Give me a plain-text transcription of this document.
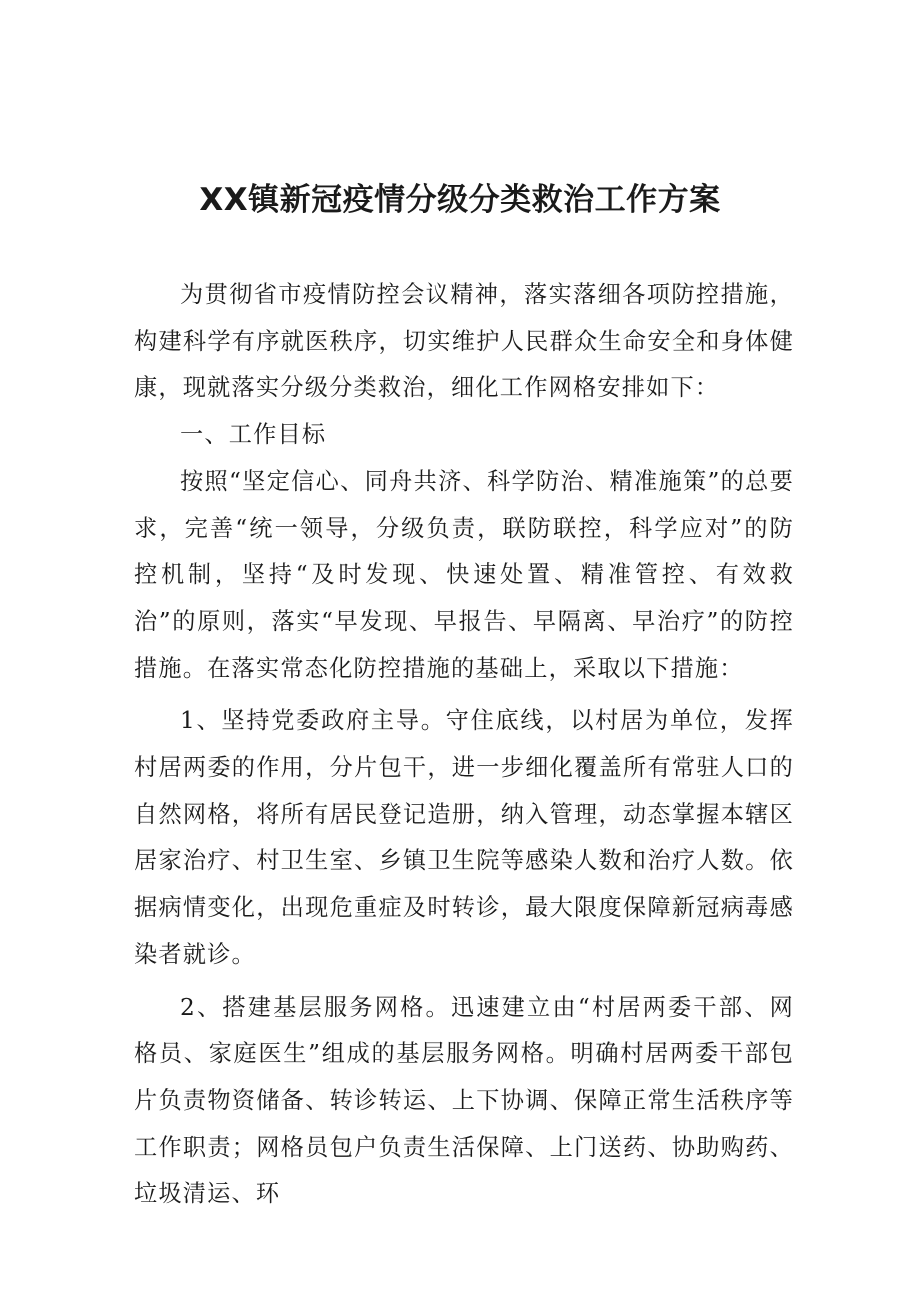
XX镇新冠疫情分级分类救治工作方案

为贯彻省市疫情防控会议精神，落实落细各项防控措施，构建科学有序就医秩序，切实维护人民群众生命安全和身体健康，现就落实分级分类救治，细化工作网格安排如下：

一、工作目标

按照“坚定信心、同舟共济、科学防治、精准施策”的总要求，完善“统一领导，分级负责，联防联控，科学应对”的防控机制，坚持“及时发现、快速处置、精准管控、有效救治”的原则，落实“早发现、早报告、早隔离、早治疗”的防控措施。在落实常态化防控措施的基础上，采取以下措施：

1、坚持党委政府主导。守住底线，以村居为单位，发挥村居两委的作用，分片包干，进一步细化覆盖所有常驻人口的自然网格，将所有居民登记造册，纳入管理，动态掌握本辖区居家治疗、村卫生室、乡镇卫生院等感染人数和治疗人数。依据病情变化，出现危重症及时转诊，最大限度保障新冠病毒感染者就诊。

2、搭建基层服务网格。迅速建立由“村居两委干部、网格员、家庭医生”组成的基层服务网格。明确村居两委干部包片负责物资储备、转诊转运、上下协调、保障正常生活秩序等工作职责；网格员包户负责生活保障、上门送药、协助购药、垃圾清运、环
